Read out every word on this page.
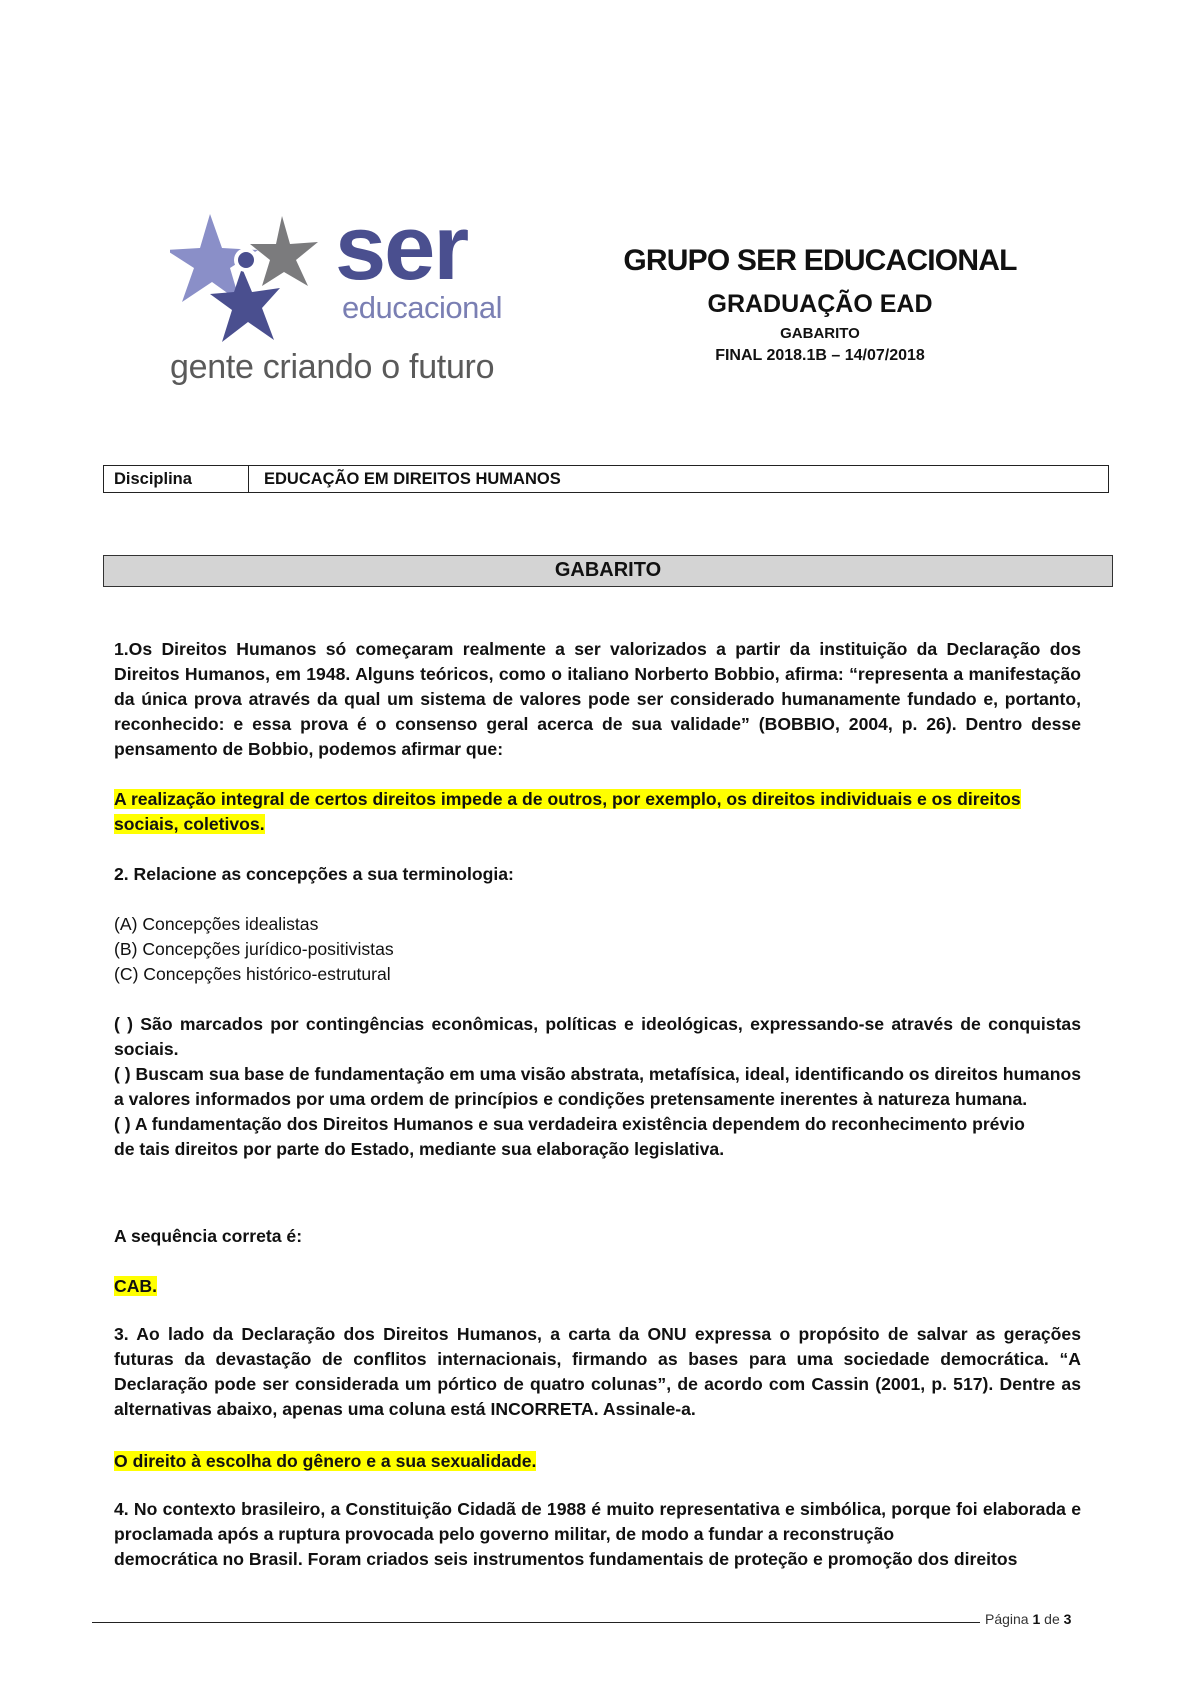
ser
educacional
gente criando o futuro
GRUPO SER EDUCACIONAL
GRADUAÇÃO EAD
GABARITO
FINAL 2018.1B – 14/07/2018
Disciplina	EDUCAÇÃO EM DIREITOS HUMANOS
GABARITO

1.Os Direitos Humanos só começaram realmente a ser valorizados a partir da instituição da Declaração dos Direitos Humanos, em 1948. Alguns teóricos, como o italiano Norberto Bobbio, afirma: “representa a manifestação da única prova através da qual um sistema de valores pode ser considerado humanamente fundado e, portanto, reconhecido: e essa prova é o consenso geral acerca de sua validade” (BOBBIO, 2004, p. 26). Dentro desse pensamento de Bobbio, podemos afirmar que:

A realização integral de certos direitos impede a de outros, por exemplo, os direitos individuais e os direitos
sociais, coletivos.

2. Relacione as concepções a sua terminologia:

(A) Concepções idealistas
(B) Concepções jurídico-positivistas
(C) Concepções histórico-estrutural
( ) São marcados por contingências econômicas, políticas e ideológicas, expressando-se através de conquistas sociais.
( ) Buscam sua base de fundamentação em uma visão abstrata, metafísica, ideal, identificando os direitos humanos a valores informados por uma ordem de princípios e condições pretensamente inerentes à natureza humana.
( ) A fundamentação dos Direitos Humanos e sua verdadeira existência dependem do reconhecimento prévio
de tais direitos por parte do Estado, mediante sua elaboração legislativa.

A sequência correta é:

CAB.

3. Ao lado da Declaração dos Direitos Humanos, a carta da ONU expressa o propósito de salvar as gerações futuras da devastação de conflitos internacionais, firmando as bases para uma sociedade democrática. “A Declaração pode ser considerada um pórtico de quatro colunas”, de acordo com Cassin (2001, p. 517). Dentre as alternativas abaixo, apenas uma coluna está INCORRETA. Assinale-a.

O direito à escolha do gênero e a sua sexualidade.

4. No contexto brasileiro, a Constituição Cidadã de 1988 é muito representativa e simbólica, porque foi elaborada e proclamada após a ruptura provocada pelo governo militar, de modo a fundar a reconstrução
democrática no Brasil. Foram criados seis instrumentos fundamentais de proteção e promoção dos direitos
Página 1 de 3
